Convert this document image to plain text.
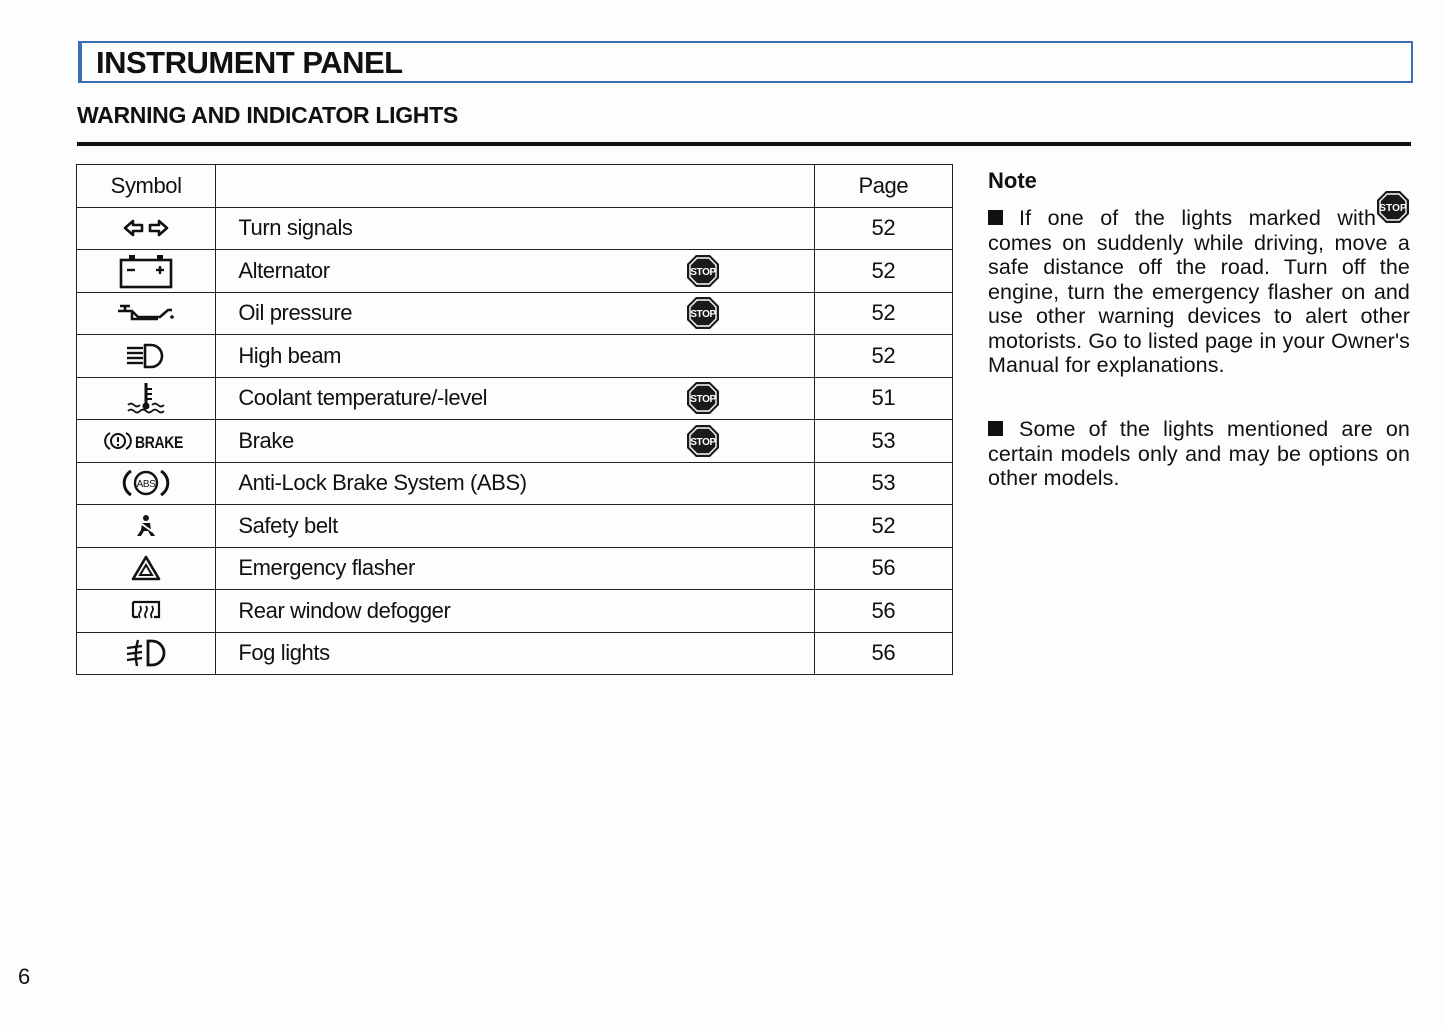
INSTRUMENT PANEL
WARNING AND INDICATOR LIGHTS
Symbol		Page

Turn signals	52

Alternator STOP	52

Oil pressure STOP	52

High beam	52

Coolant temperature/-level STOP	51

BRAKE	Brake STOP	53

ABS	Anti-Lock Brake System (ABS)	53

Safety belt	52

Emergency flasher	56

Rear window defogger	56

Fog lights	56
Note
If one of the lights marked with STOP
comes on suddenly while driving, move a safe distance off the road. Turn off the engine, turn the emergency flasher on and use other warning devices to alert other motorists. Go to listed page in your Owner's Manual for explanations.
Some of the lights mentioned are on certain models only and may be options on other models.
6
